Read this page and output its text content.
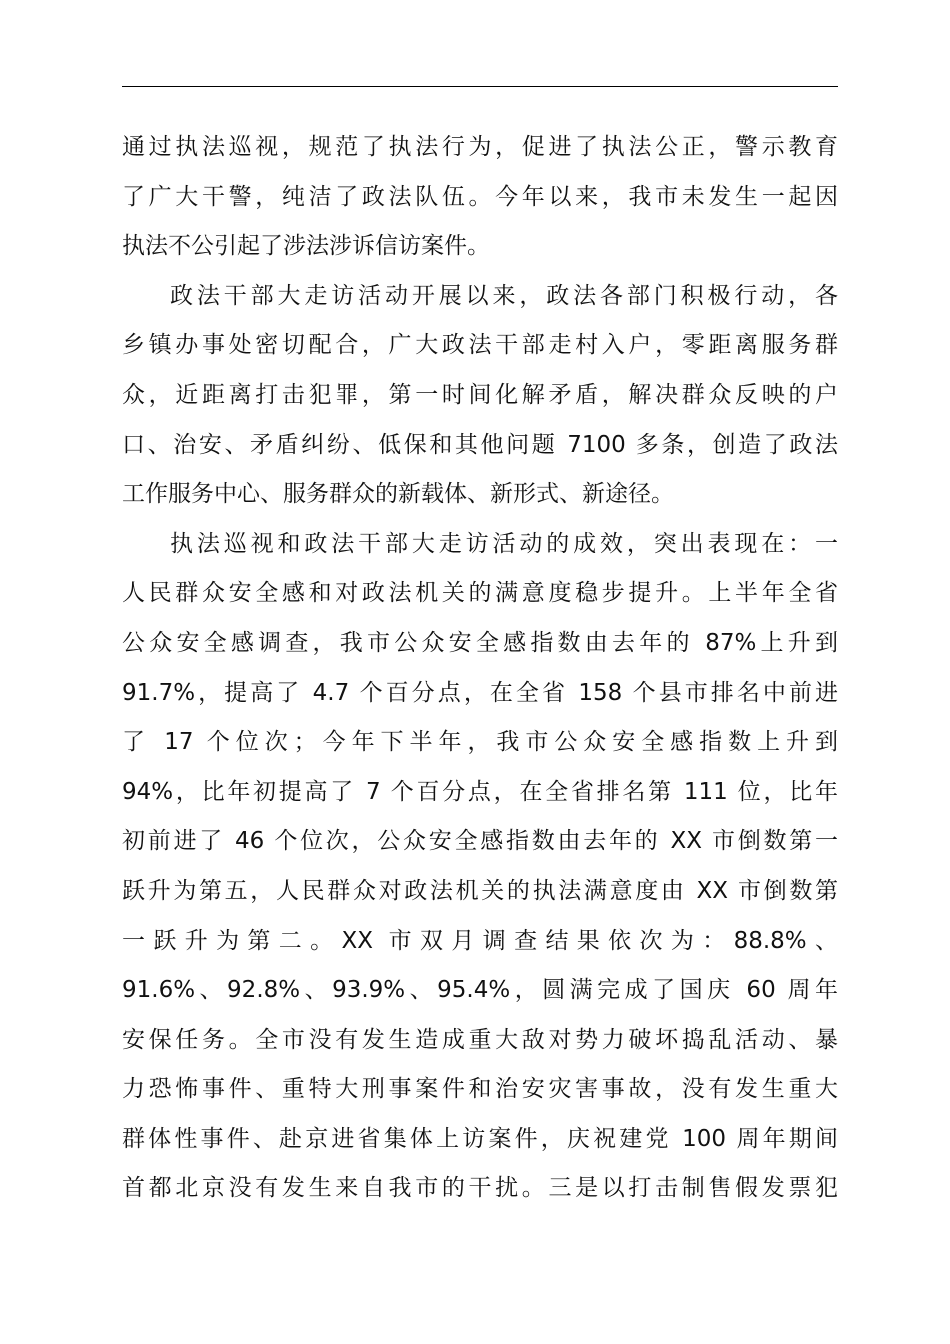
通过执法巡视，规范了执法行为，促进了执法公正，警示教育
了广大干警，纯洁了政法队伍。今年以来，我市未发生一起因
执法不公引起了涉法涉诉信访案件。
政法干部大走访活动开展以来，政法各部门积极行动，各
乡镇办事处密切配合，广大政法干部走村入户，零距离服务群
众，近距离打击犯罪，第一时间化解矛盾，解决群众反映的户
口、治安、矛盾纠纷、低保和其他问题 7100 多条，创造了政法
工作服务中心、服务群众的新载体、新形式、新途径。
执法巡视和政法干部大走访活动的成效，突出表现在：一
人民群众安全感和对政法机关的满意度稳步提升。上半年全省
公众安全感调查，我市公众安全感指数由去年的 87%上升到
91.7%，提高了 4.7 个百分点，在全省 158 个县市排名中前进
了 17 个位次；今年下半年，我市公众安全感指数上升到
94%，比年初提高了 7 个百分点，在全省排名第 111 位，比年
初前进了 46 个位次，公众安全感指数由去年的 XX 市倒数第一
跃升为第五，人民群众对政法机关的执法满意度由 XX 市倒数第
一跃升为第二。XX 市双月调查结果依次为：88.8%、
91.6%、92.8%、93.9%、95.4%，圆满完成了国庆 60 周年
安保任务。全市没有发生造成重大敌对势力破坏捣乱活动、暴
力恐怖事件、重特大刑事案件和治安灾害事故，没有发生重大
群体性事件、赴京进省集体上访案件，庆祝建党 100 周年期间
首都北京没有发生来自我市的干扰。三是以打击制售假发票犯
